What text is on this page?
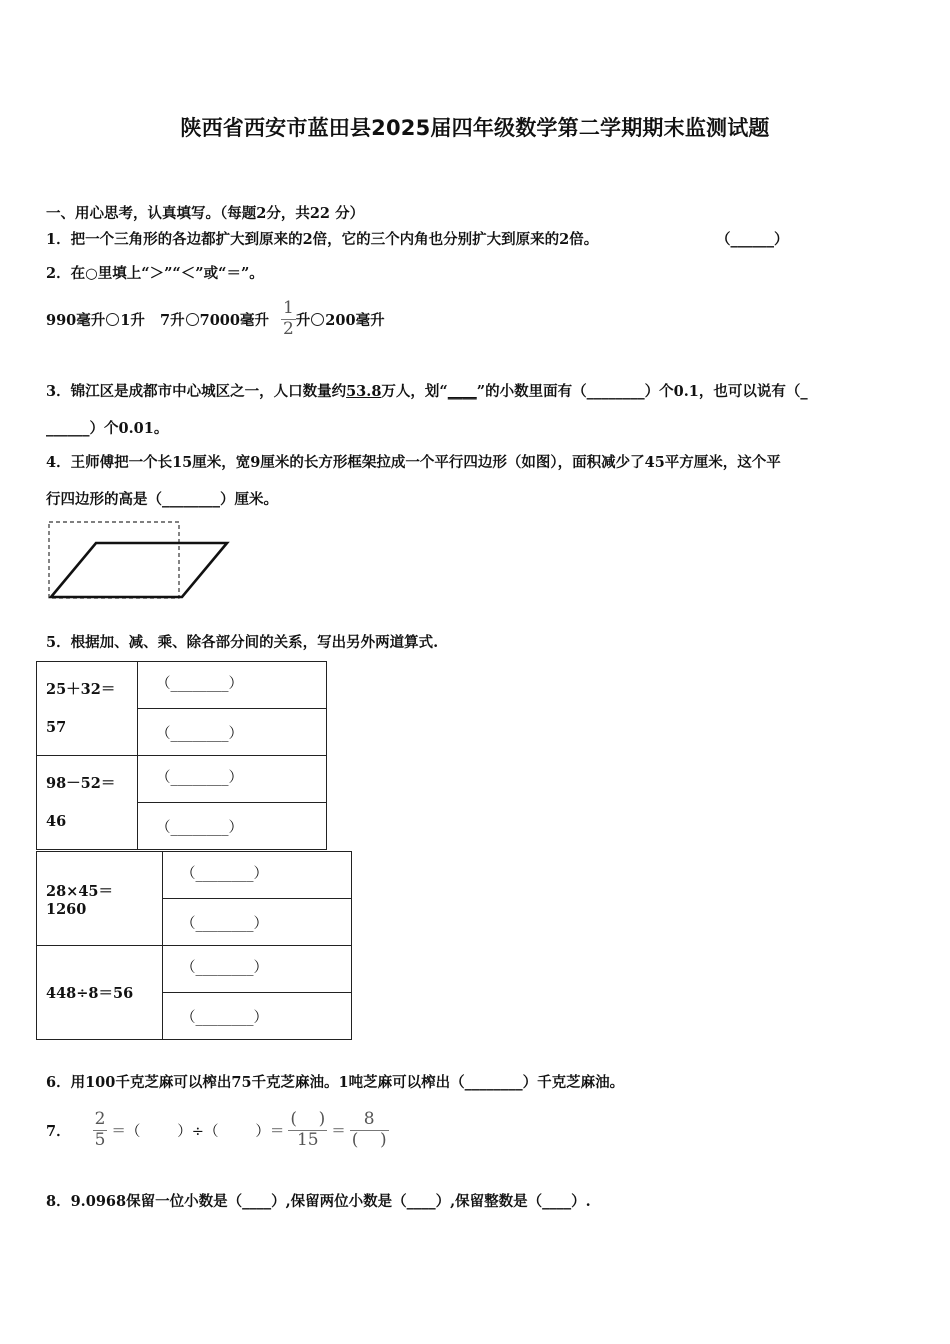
陕西省西安市蓝田县2025届四年级数学第二学期期末监测试题
一、用心思考，认真填写。（每题2分，共22 分）
1．把一个三角形的各边都扩大到原来的2倍，它的三个内角也分别扩大到原来的2倍。	（______）
2．在○里填上“＞”“＜”或“＝”。
990毫升 1升   7升 7000毫升 $\frac{1}{2}$ 升 200毫升
3．锦江区是成都市中心城区之一，人口数量约53.8万人，划“____”的小数里面有（________）个0.1，也可以说有（_
______）个0.01。
4．王师傅把一个长15厘米，宽9厘米的长方形框架拉成一个平行四边形（如图），面积减少了45平方厘米，这个平
行四边形的高是（________）厘米。
5．根据加、减、乘、除各部分间的关系，写出另外两道算式.
25＋32＝
57	（________）
	（________）

98－52＝
46	（________）
	（________）
28×45＝1260	（________）
	（________）
448÷8＝56	（________）
	（________）
6．用100千克芝麻可以榨出75千克芝麻油。1吨芝麻可以榨出（________）千克芝麻油。
7． $\frac{2}{5}$ ＝（        ）÷（        ）＝ $\frac{( )}{15} = \frac{8}{( )}$
8．9.0968保留一位小数是（____）,保留两位小数是（____）,保留整数是（____）.
